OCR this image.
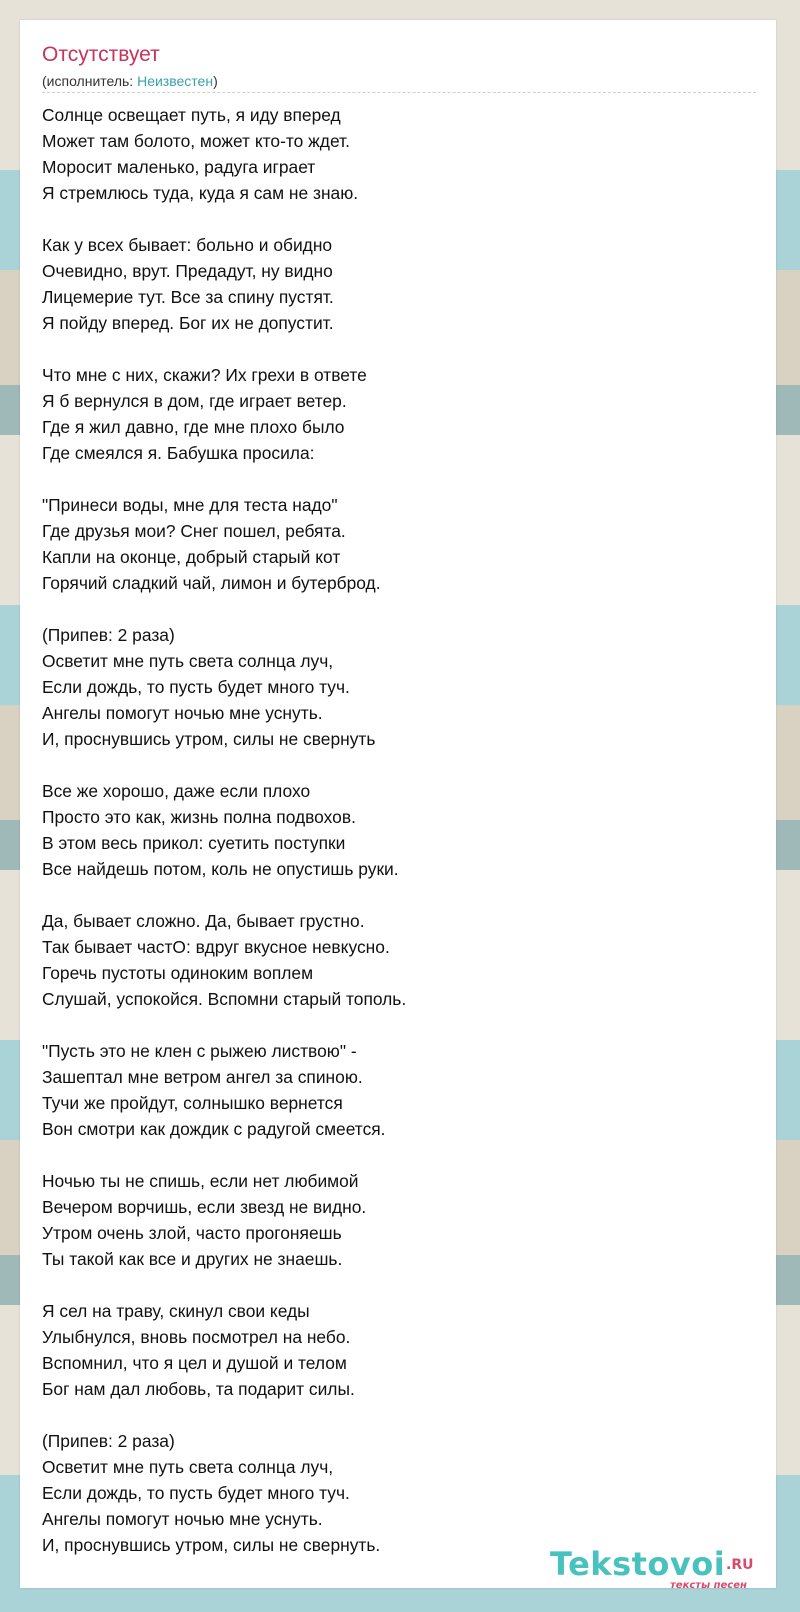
Отсутствует
(исполнитель: Неизвестен)
Солнце освещает путь, я иду вперед
Может там болото, может кто-то ждет.
Моросит маленько, радуга играет
Я стремлюсь туда, куда я сам не знаю.
Как у всех бывает: больно и обидно
Очевидно, врут. Предадут, ну видно
Лицемерие тут. Все за спину пустят.
Я пойду вперед. Бог их не допустит.
Что мне с них, скажи? Их грехи в ответе
Я б вернулся в дом, где играет ветер.
Где я жил давно, где мне плохо было
Где смеялся я. Бабушка просила:
"Принеси воды, мне для теста надо"
Где друзья мои? Снег пошел, ребята.
Капли на оконце, добрый старый кот
Горячий сладкий чай, лимон и бутерброд.
(Припев: 2 раза)
Осветит мне путь света солнца луч,
Если дождь, то пусть будет много туч.
Ангелы помогут ночью мне уснуть.
И, проснувшись утром, силы не свернуть
Все же хорошо, даже если плохо
Просто это как, жизнь полна подвохов.
В этом весь прикол: суетить поступки
Все найдешь потом, коль не опустишь руки.
Да, бывает сложно. Да, бывает грустно.
Так бывает частО: вдруг вкусное невкусно.
Горечь пустоты одиноким воплем
Слушай, успокойся. Вспомни старый тополь.
"Пусть это не клен с рыжею листвою" -
Зашептал мне ветром ангел за спиною.
Тучи же пройдут, солнышко вернется
Вон смотри как дождик с радугой смеется.
Ночью ты не спишь, если нет любимой
Вечером ворчишь, если звезд не видно.
Утром очень злой, часто прогоняешь
Ты такой как все и других не знаешь.
Я сел на траву, скинул свои кеды
Улыбнулся, вновь посмотрел на небо.
Вспомнил, что я цел и душой и телом
Бог нам дал любовь, та подарит силы.
(Припев: 2 раза)
Осветит мне путь света солнца луч,
Если дождь, то пусть будет много туч.
Ангелы помогут ночью мне уснуть.
И, проснувшись утром, силы не свернуть.	Tekstovoi .RU
тексты песен
